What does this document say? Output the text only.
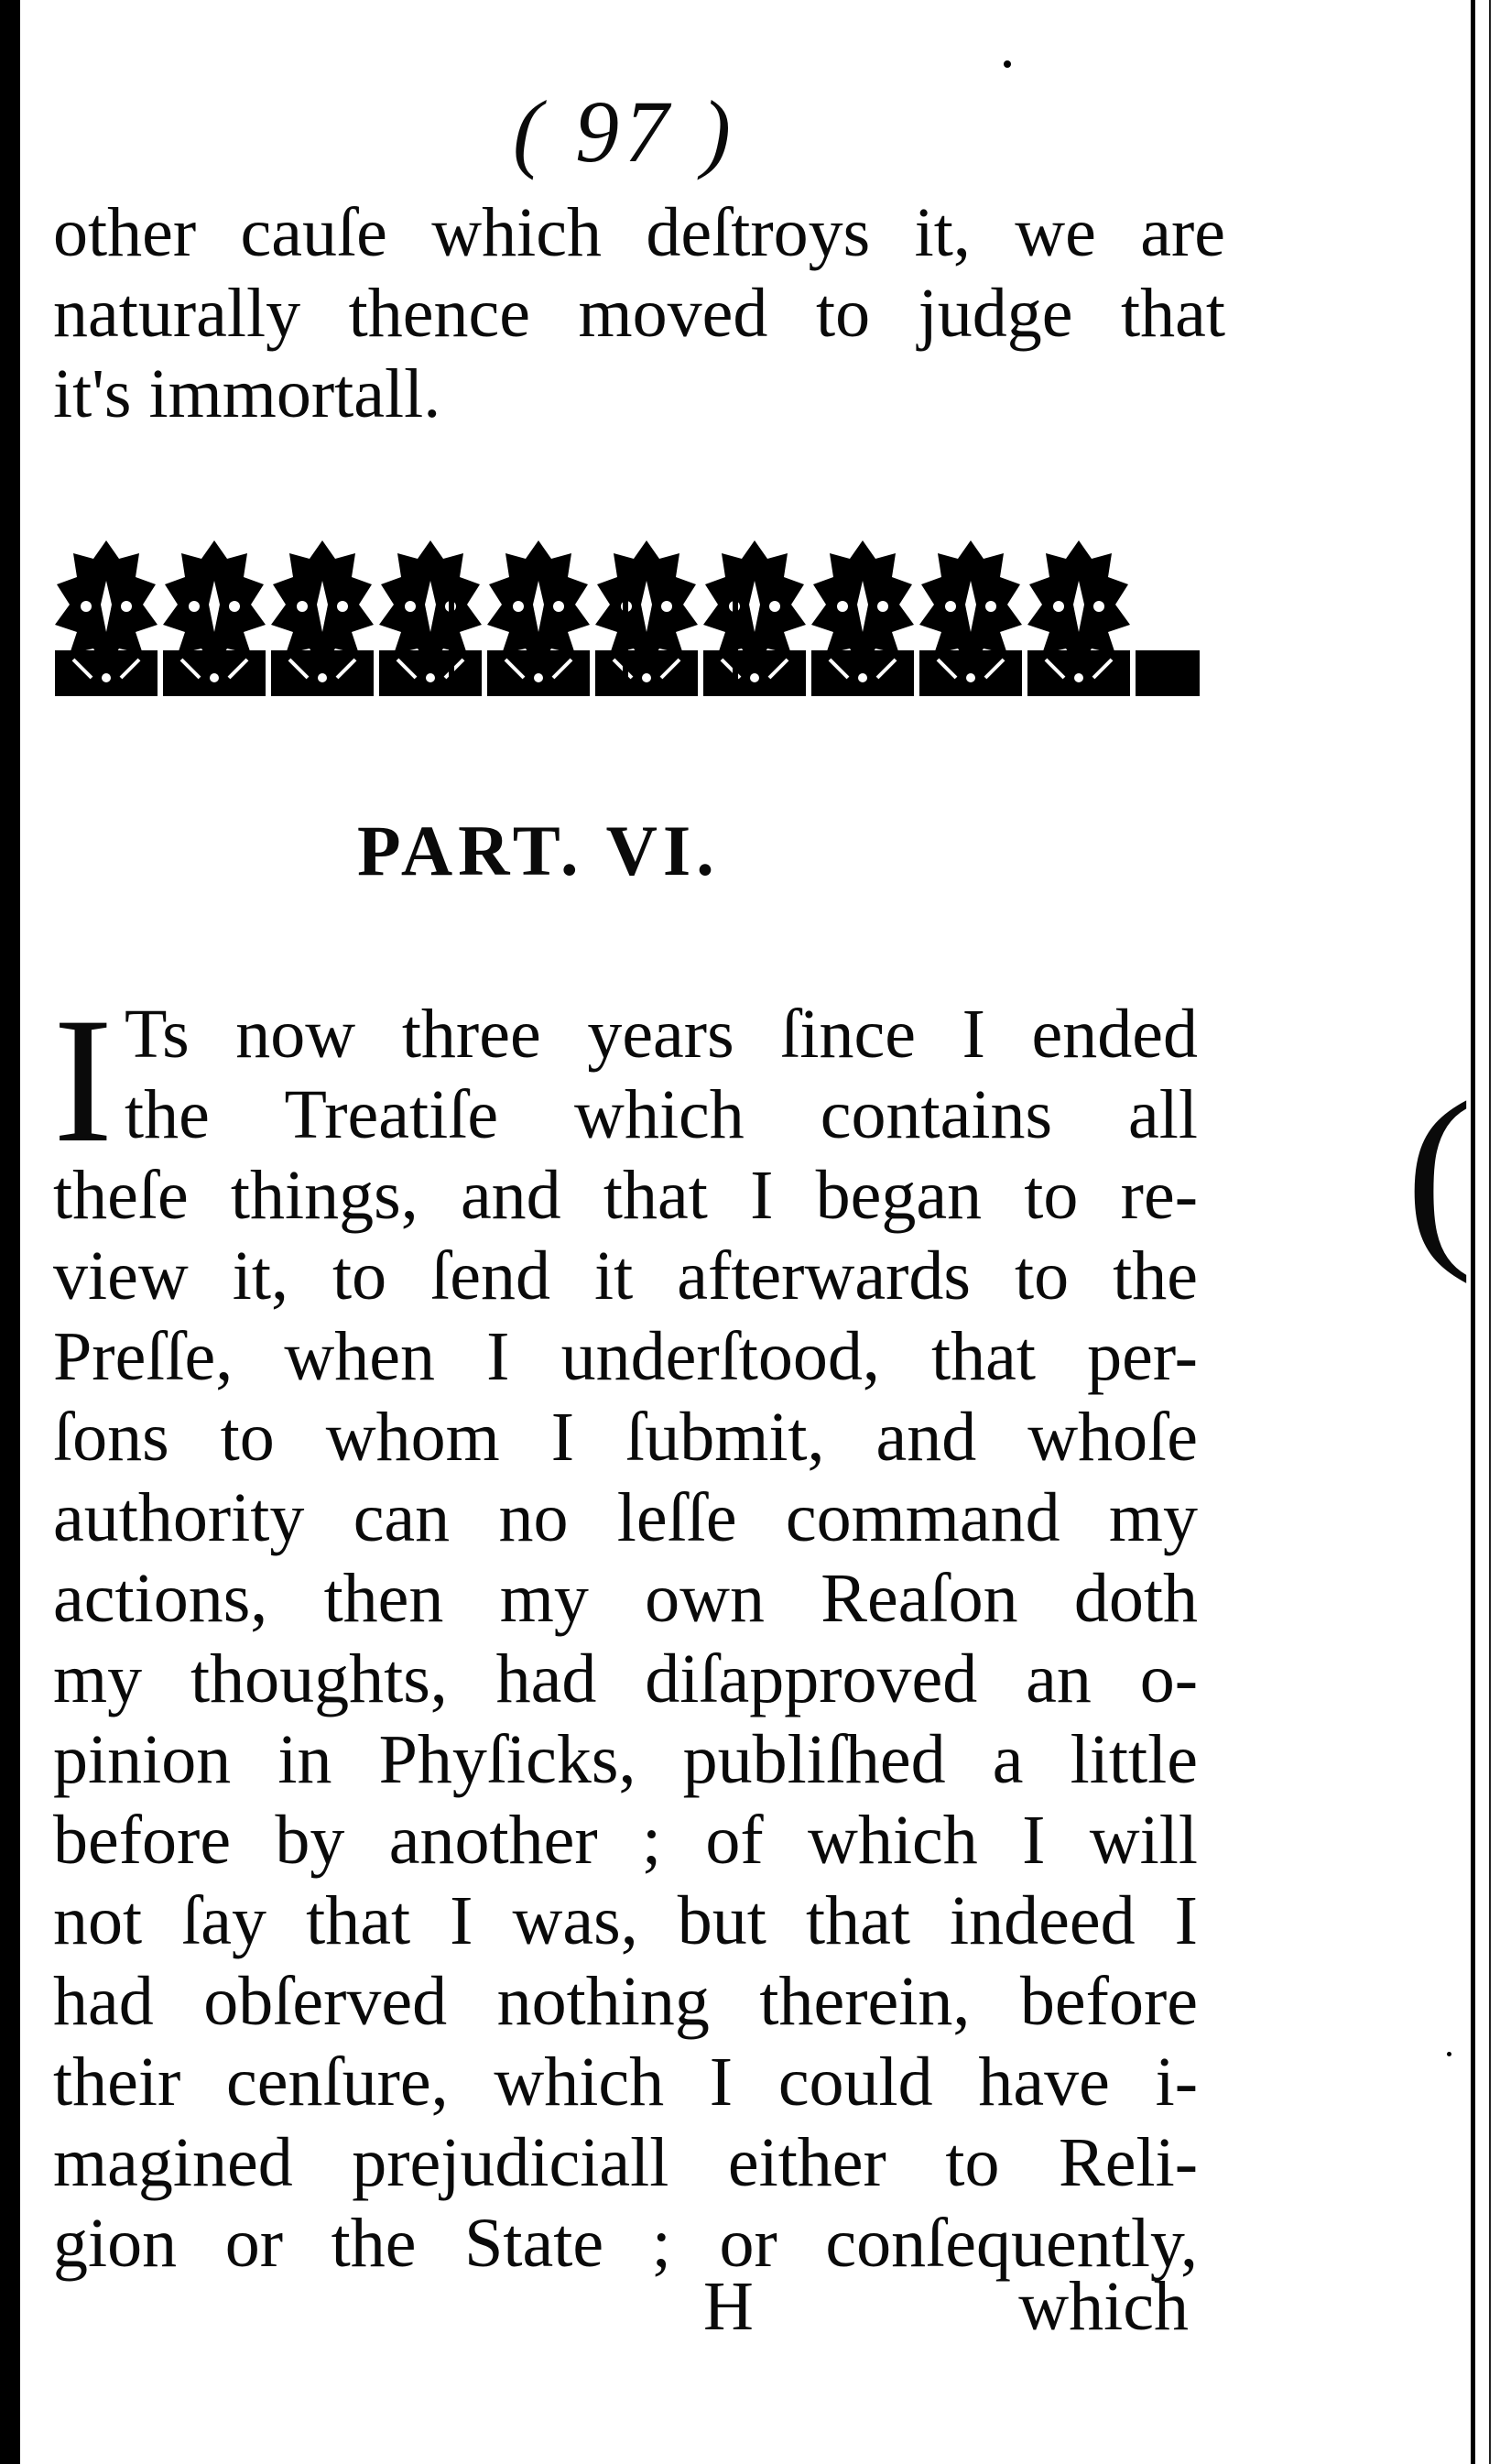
(
( 97 )
other cauſe which deſtroys it, we are
naturally thence moved to judge that
it's immortall.
PART. VI.
I Ts now three years ſince I ended
the Treatiſe which contains all
theſe things, and that I began to re-
view it, to ſend it afterwards to the
Preſſe, when I underſtood, that per-
ſons to whom I ſubmit, and whoſe
authority can no leſſe command my
actions, then my own Reaſon doth
my thoughts, had diſapproved an o-
pinion in Phyſicks, publiſhed a little
before by another ; of which I will
not ſay that I was, but that indeed I
had obſerved nothing therein, before
their cenſure, which I could have i-
magined prejudiciall either to Reli-
gion or the State ; or conſequently,
H	which
